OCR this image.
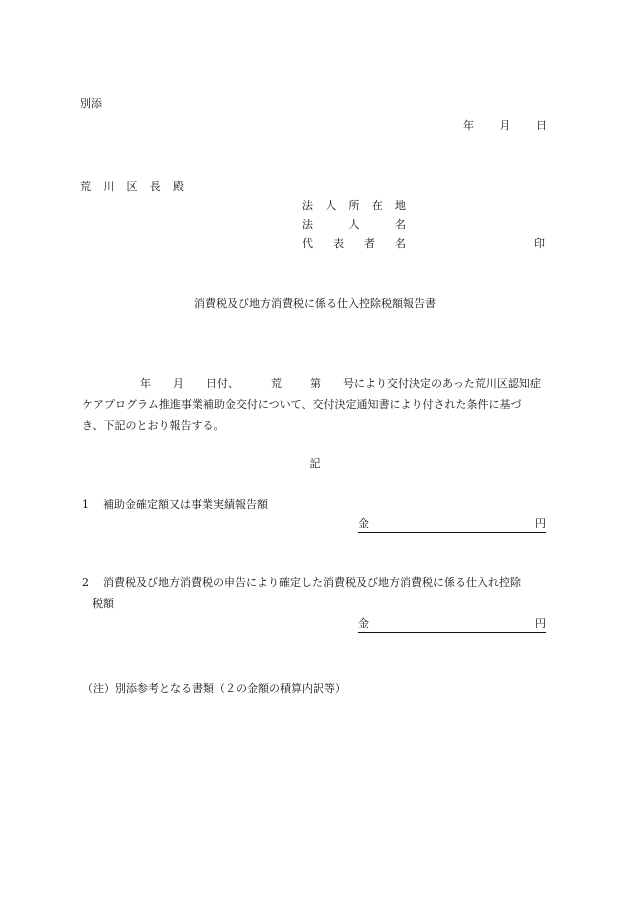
別添
年 月 日
荒 川 区 長 殿
法 人 所 在 地
法	人	名
代 表 者 名	印
消費税及び地方消費税に係る仕入控除税額報告書
年 月 日付、	荒	第 号により交付決定のあった荒川区認知症
ケアプログラム推進事業補助金交付について、交付決定通知書により付された条件に基づ
き、下記のとおり報告する。
記
1 補助金確定額又は事業実績報告額
金	円
2 消費税及び地方消費税の申告により確定した消費税及び地方消費税に係る仕入れ控除
税額
金	円
（注）別添参考となる書類（２の金額の積算内訳等）
